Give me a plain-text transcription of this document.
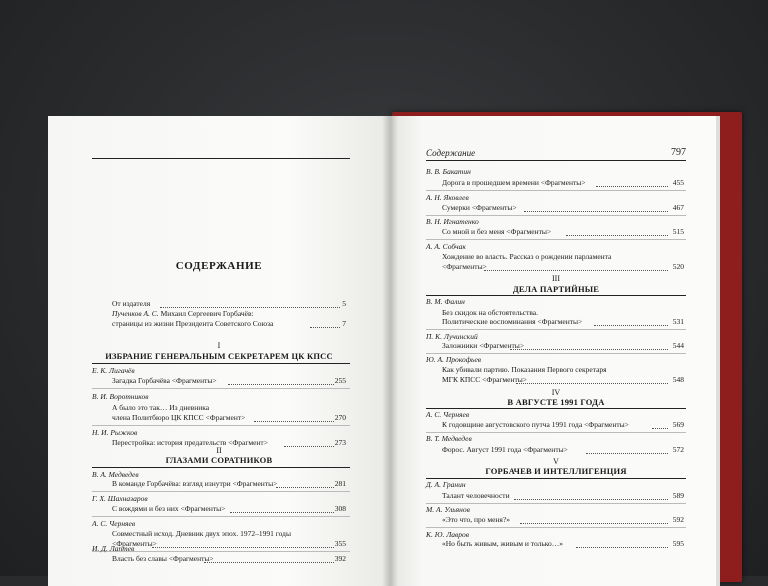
СОДЕРЖАНИЕ
От издателя	5
Пученков А. С. Михаил Сергеевич Горбачёв:
страницы из жизни Президента Советского Союза	7
I
ИЗБРАНИЕ ГЕНЕРАЛЬНЫМ СЕКРЕТАРЕМ ЦК КПСС
Е. К. Лигачёв
Загадка Горбачёва <Фрагменты>	255
В. И. Воротников
А было это так… Из дневника
члена Политбюро ЦК КПСС <Фрагмент>	270
Н. И. Рыжков
Перестройка: история предательств <Фрагмент>	273
II
ГЛАЗАМИ СОРАТНИКОВ
В. А. Медведев
В команде Горбачёва: взгляд изнутри <Фрагменты>	281
Г. Х. Шахназаров
С вождями и без них <Фрагменты>	308
А. С. Черняев
Совместный исход. Дневник двух эпох. 1972–1991 годы
<Фрагменты>	355
И. Д. Лаптев
Власть без славы <Фрагменты>	392
Содержание	797
В. В. Бакатин
Дорога в прошедшем времени <Фрагменты>	455
А. Н. Яковлев
Сумерки <Фрагменты>	467
В. Н. Игнатенко
Со мной и без меня <Фрагменты>	515
А. А. Собчак
Хождение во власть. Рассказ о рождении парламента
<Фрагменты>	520
III
ДЕЛА ПАРТИЙНЫЕ
В. М. Фалин
Без скидок на обстоятельства.
Политические воспоминания <Фрагменты>	531
П. К. Лучинский
Заложники <Фрагменты>	544
Ю. А. Прокофьев
Как убивали партию. Показания Первого секретаря
МГК КПСС <Фрагменты>	548
IV
В АВГУСТЕ 1991 ГОДА
А. С. Черняев
К годовщине августовского путча 1991 года <Фрагменты>	569
В. Т. Медведев
Форос. Август 1991 года <Фрагменты>	572
V
ГОРБАЧЕВ И ИНТЕЛЛИГЕНЦИЯ
Д. А. Гранин
Талант человечности	589
М. А. Ульянов
«Это что, про меня?»	592
К. Ю. Лавров
«Но быть живым, живым и только…»	595
